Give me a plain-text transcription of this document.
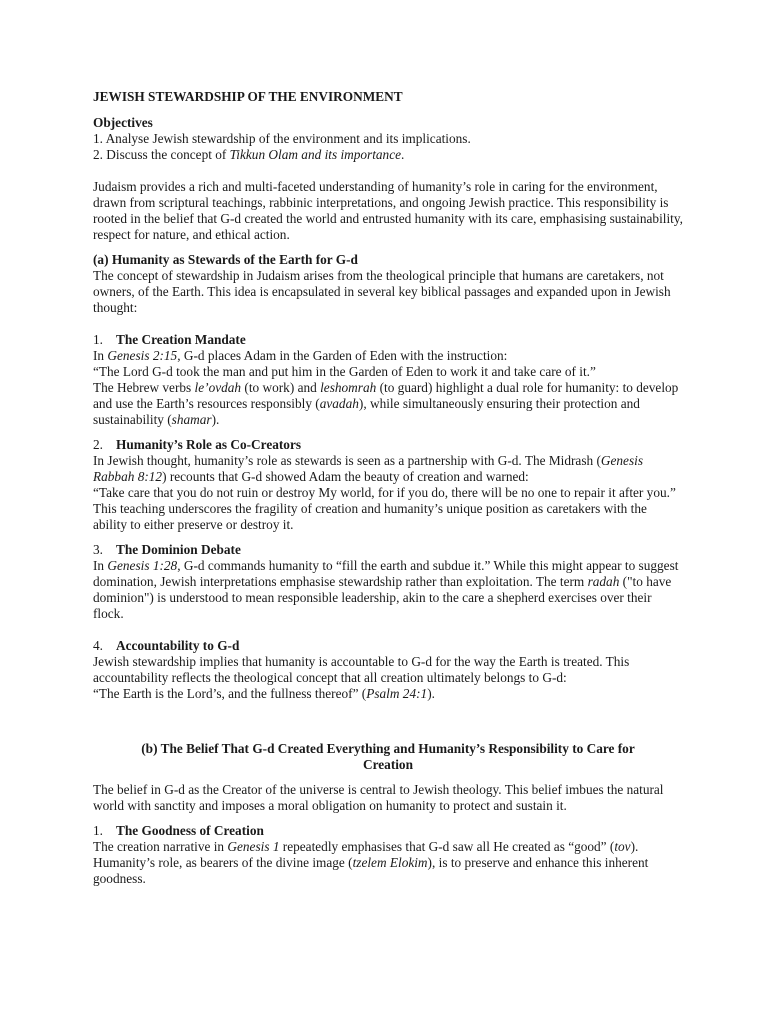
JEWISH STEWARDSHIP OF THE ENVIRONMENT

Objectives

1. Analyse Jewish stewardship of the environment and its implications.

2. Discuss the concept of Tikkun Olam and its importance.

Judaism provides a rich and multi-faceted understanding of humanity’s role in caring for the environment, drawn from scriptural teachings, rabbinic interpretations, and ongoing Jewish practice. This responsibility is rooted in the belief that G-d created the world and entrusted humanity with its care, emphasising sustainability, respect for nature, and ethical action.

(a) Humanity as Stewards of the Earth for G-d

The concept of stewardship in Judaism arises from the theological principle that humans are caretakers, not owners, of the Earth. This idea is encapsulated in several key biblical passages and expanded upon in Jewish thought:

1. The Creation Mandate

In Genesis 2:15, G-d places Adam in the Garden of Eden with the instruction:

“The Lord G-d took the man and put him in the Garden of Eden to work it and take care of it.”

The Hebrew verbs le’ovdah (to work) and leshomrah (to guard) highlight a dual role for humanity: to develop and use the Earth’s resources responsibly (avadah), while simultaneously ensuring their protection and sustainability (shamar).

2. Humanity’s Role as Co-Creators

In Jewish thought, humanity’s role as stewards is seen as a partnership with G-d. The Midrash (Genesis Rabbah 8:12) recounts that G-d showed Adam the beauty of creation and warned:

“Take care that you do not ruin or destroy My world, for if you do, there will be no one to repair it after you.”

This teaching underscores the fragility of creation and humanity’s unique position as caretakers with the ability to either preserve or destroy it.

3. The Dominion Debate

In Genesis 1:28, G-d commands humanity to “fill the earth and subdue it.” While this might appear to suggest domination, Jewish interpretations emphasise stewardship rather than exploitation. The term radah ("to have dominion") is understood to mean responsible leadership, akin to the care a shepherd exercises over their flock.

4. Accountability to G-d

Jewish stewardship implies that humanity is accountable to G-d for the way the Earth is treated. This accountability reflects the theological concept that all creation ultimately belongs to G-d:

“The Earth is the Lord’s, and the fullness thereof” (Psalm 24:1).

(b) The Belief That G-d Created Everything and Humanity’s Responsibility to Care for Creation

The belief in G-d as the Creator of the universe is central to Jewish theology. This belief imbues the natural world with sanctity and imposes a moral obligation on humanity to protect and sustain it.

1. The Goodness of Creation

The creation narrative in Genesis 1 repeatedly emphasises that G-d saw all He created as “good” (tov). Humanity’s role, as bearers of the divine image (tzelem Elokim), is to preserve and enhance this inherent goodness.
